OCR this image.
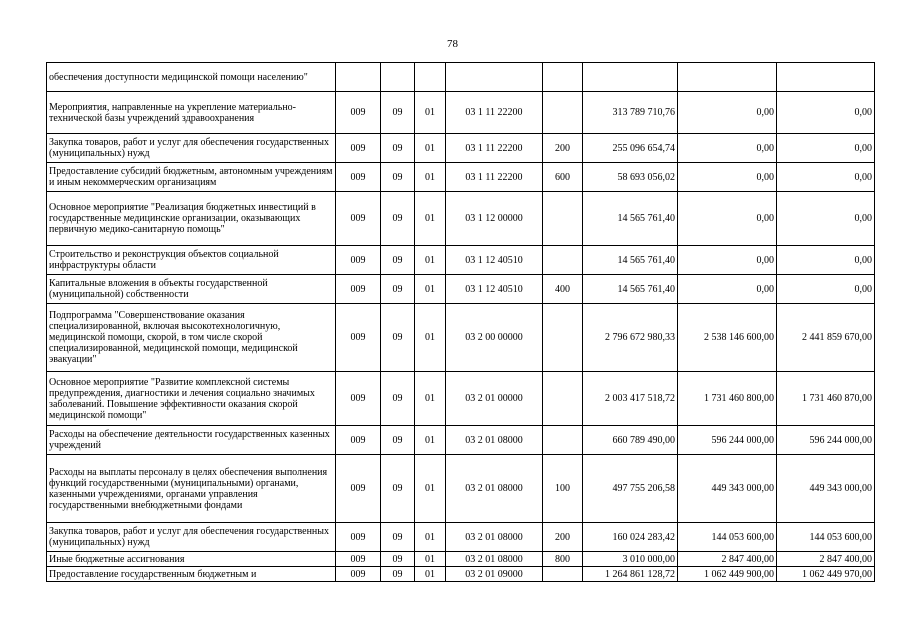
78
обеспечения доступности медицинской помощи населению"								
Мероприятия, направленные на укрепление материально-технической базы учреждений здравоохранения	009	09	01	03 1 11 22200		313 789 710,76	0,00	0,00
Закупка товаров, работ и услуг для обеспечения государственных (муниципальных) нужд	009	09	01	03 1 11 22200	200	255 096 654,74	0,00	0,00
Предоставление субсидий бюджетным, автономным учреждениям и иным некоммерческим организациям	009	09	01	03 1 11 22200	600	58 693 056,02	0,00	0,00
Основное мероприятие "Реализация бюджетных инвестиций в государственные медицинские организации, оказывающих первичную медико-санитарную помощь"	009	09	01	03 1 12 00000		14 565 761,40	0,00	0,00
Строительство и реконструкция объектов социальной инфраструктуры области	009	09	01	03 1 12 40510		14 565 761,40	0,00	0,00
Капитальные вложения в объекты государственной (муниципальной) собственности	009	09	01	03 1 12 40510	400	14 565 761,40	0,00	0,00
Подпрограмма "Совершенствование оказания специализированной, включая высокотехнологичную, медицинской помощи, скорой, в том числе скорой специализированной, медицинской помощи, медицинской эвакуации"	009	09	01	03 2 00 00000		2 796 672 980,33	2 538 146 600,00	2 441 859 670,00
Основное мероприятие "Развитие комплексной системы предупреждения, диагностики и лечения социально значимых заболеваний. Повышение эффективности оказания скорой медицинской помощи"	009	09	01	03 2 01 00000		2 003 417 518,72	1 731 460 800,00	1 731 460 870,00
Расходы на обеспечение деятельности государственных казенных учреждений	009	09	01	03 2 01 08000		660 789 490,00	596 244 000,00	596 244 000,00
Расходы на выплаты персоналу в целях обеспечения выполнения функций государственными (муниципальными) органами, казенными учреждениями, органами управления государственными внебюджетными фондами	009	09	01	03 2 01 08000	100	497 755 206,58	449 343 000,00	449 343 000,00
Закупка товаров, работ и услуг для обеспечения государственных (муниципальных) нужд	009	09	01	03 2 01 08000	200	160 024 283,42	144 053 600,00	144 053 600,00
Иные бюджетные ассигнования	009	09	01	03 2 01 08000	800	3 010 000,00	2 847 400,00	2 847 400,00
Предоставление государственным бюджетным и	009	09	01	03 2 01 09000		1 264 861 128,72	1 062 449 900,00	1 062 449 970,00
